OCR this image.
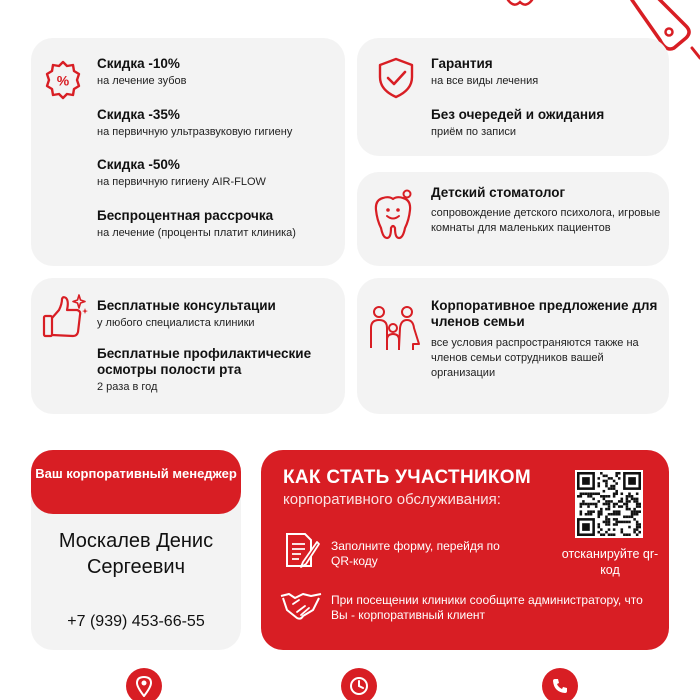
%
Скидка -10%
на лечение зубов
Скидка -35%
на первичную ультразвуковую гигиену
Скидка -50%
на первичную гигиену AIR-FLOW
Беспроцентная рассрочка
на лечение (проценты платит клиника)
Гарантия
на все виды лечения
Без очередей и ожидания
приём по записи
Детский стоматолог
сопровождение детского психолога, игровые комнаты для маленьких пациентов
Бесплатные консультации
у любого специалиста клиники
Бесплатные профилактические осмотры полости рта
2 раза в год
Корпоративное предложение для членов семьи
все условия распространяются также на членов семьи сотрудников вашей организации
Ваш корпоративный менеджер
Москалев Денис Сергеевич
+7 (939) 453-66-55
КАК СТАТЬ УЧАСТНИКОМ
корпоративного обслуживания:
Заполните форму, перейдя по QR-коду
При посещении клиники сообщите администратору, что Вы - корпоративный клиент
отсканируйте qr-код
